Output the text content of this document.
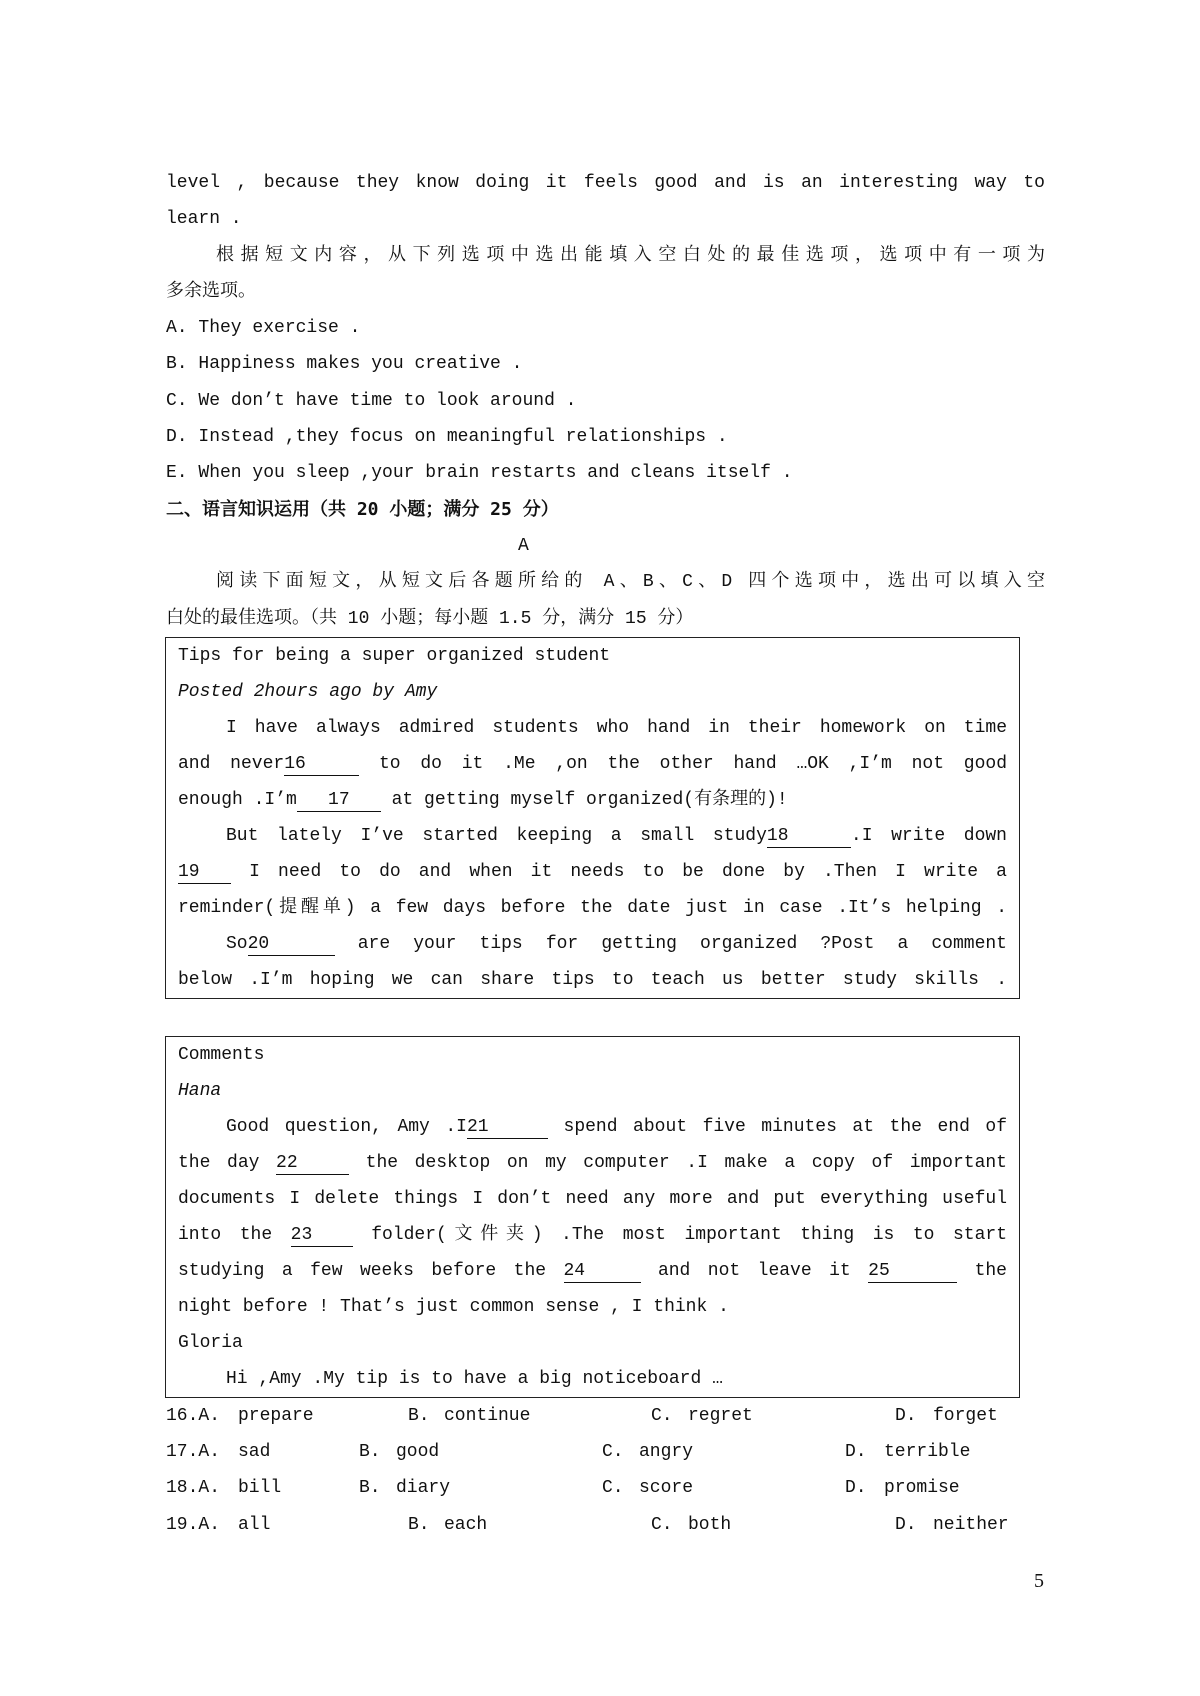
level , because they know doing it feels good and is an interesting way to
learn .
根据短文内容，从下列选项中选出能填入空白处的最佳选项，选项中有一项为
多余选项。
A. They exercise .
B. Happiness makes you creative .
C. We don’t have time to look around .
D. Instead ,they focus on meaningful relationships .
E. When you sleep ,your brain restarts and cleans itself .
二、语言知识运用（共 20 小题；满分 25 分）
A
阅读下面短文，从短文后各题所给的 A、B、C、D 四个选项中，选出可以填入空
白处的最佳选项。（共 10 小题；每小题 1.5 分，满分 15 分）
Tips for being a super organized student
Posted 2hours ago by Amy
I have always admired students who hand in their homework on time
and never16	to do it .Me ,on the other hand …OK ,I’m not good
enough .I’m 17 at getting myself organized(有条理的)!
But lately I’ve started keeping a small study18	.I write down
19 I need to do and when it needs to be done by .Then I write a
reminder(提醒单) a few days before the date just in case .It’s helping .
So20	are your tips for getting organized ?Post a comment
below .I’m hoping we can share tips to teach us better study skills .
Comments
Hana
Good question, Amy .I21	spend about five minutes at the end of
the day 22	the desktop on my computer .I make a copy of important
documents I delete things I don’t need any more and put everything useful
into the 23 folder(文件夹) .The most important thing is to start
studying a few weeks before the 24	and not leave it 25	the
night before ! That’s just common sense , I think .
Gloria
Hi ,Amy .My tip is to have a big noticeboard …
16.A. prepare	B. continue	C. regret	D. forget
17.A. sad	B. good	C. angry	D. terrible
18.A. bill	B. diary	C. score	D. promise
19.A. all	B. each	C. both	D. neither
5
